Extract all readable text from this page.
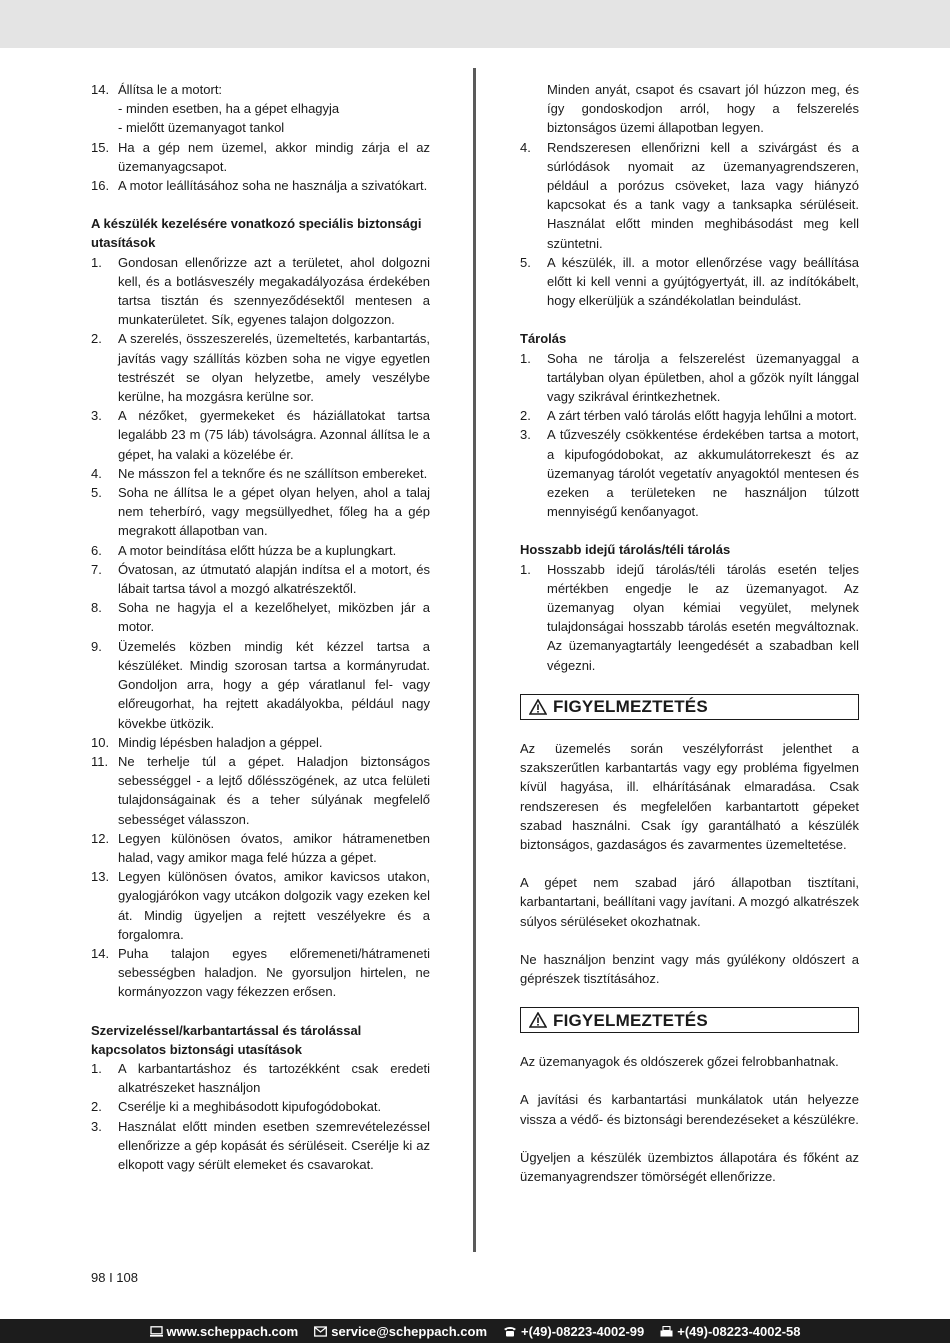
14. Állítsa le a motort:
- minden esetben, ha a gépet elhagyja
- mielőtt üzemanyagot tankol
15. Ha a gép nem üzemel, akkor mindig zárja el az üzemanyagcsapot.
16. A motor leállításához soha ne használja a szivatókart.
A készülék kezelésére vonatkozó speciális biztonsági utasítások
1.	Gondosan ellenőrizze azt a területet, ahol dolgozni kell, és a botlásveszély megakadályozása érdekében tartsa tisztán és szennyeződésektől mentesen a munkaterületet. Sík, egyenes talajon dolgozzon.
2.	A szerelés, összeszerelés, üzemeltetés, karbantartás, javítás vagy szállítás közben soha ne vigye egyetlen testrészét se olyan helyzetbe, amely veszélybe kerülne, ha mozgásra kerülne sor.
3.	A nézőket, gyermekeket és háziállatokat tartsa legalább 23 m (75 láb) távolságra. Azonnal állítsa le a gépet, ha valaki a közelébe ér.
4.	Ne másszon fel a teknőre és ne szállítson embereket.
5.	Soha ne állítsa le a gépet olyan helyen, ahol a talaj nem teherbíró, vagy megsüllyedhet, főleg ha a gép megrakott állapotban van.
6.	A motor beindítása előtt húzza be a kuplungkart.
7.	Óvatosan, az útmutató alapján indítsa el a motort, és lábait tartsa távol a mozgó alkatrészektől.
8.	Soha ne hagyja el a kezelőhelyet, miközben jár a motor.
9.	Üzemelés közben mindig két kézzel tartsa a készüléket. Mindig szorosan tartsa a kormányrudat. Gondoljon arra, hogy a gép váratlanul fel- vagy előreugorhat, ha rejtett akadályokba, például nagy kövekbe ütközik.
10. Mindig lépésben haladjon a géppel.
11. Ne terhelje túl a gépet. Haladjon biztonságos sebességgel - a lejtő dőlésszögének, az utca felületi tulajdonságainak és a teher súlyának megfelelő sebességet válasszon.
12. Legyen különösen óvatos, amikor hátramenetben halad, vagy amikor maga felé húzza a gépet.
13. Legyen különösen óvatos, amikor kavicsos utakon, gyalogjárókon vagy utcákon dolgozik vagy ezeken kel át. Mindig ügyeljen a rejtett veszélyekre és a forgalomra.
14. Puha talajon egyes előremeneti/hátrameneti sebességben haladjon. Ne gyorsuljon hirtelen, ne kormányozzon vagy fékezzen erősen.
Szervizeléssel/karbantartással és tárolással kapcsolatos biztonsági utasítások
1.	A karbantartáshoz és tartozékként csak eredeti alkatrészeket használjon
2.	Cserélje ki a meghibásodott kipufogódobokat.
3.	Használat előtt minden esetben szemrevételezéssel ellenőrizze a gép kopását és sérüléseit. Cserélje ki az elkopott vagy sérült elemeket és csavarokat.
Minden anyát, csapot és csavart jól húzzon meg, és így gondoskodjon arról, hogy a felszerelés biztonságos üzemi állapotban legyen.
4.	Rendszeresen ellenőrizni kell a szivárgást és a súrlódások nyomait az üzemanyagrendszeren, például a porózus csöveket, laza vagy hiányzó kapcsokat és a tank vagy a tanksapka sérüléseit. Használat előtt minden meghibásodást meg kell szüntetni.
5.	A készülék, ill. a motor ellenőrzése vagy beállítása előtt ki kell venni a gyújtógyertyát, ill. az indítókábelt, hogy elkerüljük a szándékolatlan beindulást.
Tárolás
1.	Soha ne tárolja a felszerelést üzemanyaggal a tartályban olyan épületben, ahol a gőzök nyílt lánggal vagy szikrával érintkezhetnek.
2.	A zárt térben való tárolás előtt hagyja lehűlni a motort.
3.	A tűzveszély csökkentése érdekében tartsa a motort, a kipufogódobokat, az akkumulátorrekeszt és az üzemanyag tárolót vegetatív anyagoktól mentesen és ezeken a területeken ne használjon túlzott mennyiségű kenőanyagot.
Hosszabb idejű tárolás/téli tárolás
1.	Hosszabb idejű tárolás/téli tárolás esetén teljes mértékben engedje le az üzemanyagot. Az üzemanyag olyan kémiai vegyület, melynek tulajdonságai hosszabb tárolás esetén megváltoznak. Az üzemanyagtartály leengedését a szabadban kell végezni.
FIGYELMEZTETÉS
Az üzemelés során veszélyforrást jelenthet a szakszerűtlen karbantartás vagy egy probléma figyelmen kívül hagyása, ill. elhárításának elmaradása. Csak rendszeresen és megfelelően karbantartott gépeket szabad használni. Csak így garantálható a készülék biztonságos, gazdaságos és zavarmentes üzemeltetése.
A gépet nem szabad járó állapotban tisztítani, karbantartani, beállítani vagy javítani. A mozgó alkatrészek súlyos sérüléseket okozhatnak.
Ne használjon benzint vagy más gyúlékony oldószert a géprészek tisztításához.
FIGYELMEZTETÉS
Az üzemanyagok és oldószerek gőzei felrobbanhatnak.
A javítási és karbantartási munkálatok után helyezze vissza a védő- és biztonsági berendezéseket a készülékre.
Ügyeljen a készülék üzembiztos állapotára és főként az üzemanyagrendszer tömörségét ellenőrizze.
98 I 108
www.scheppach.com	service@scheppach.com	+(49)-08223-4002-99	+(49)-08223-4002-58
